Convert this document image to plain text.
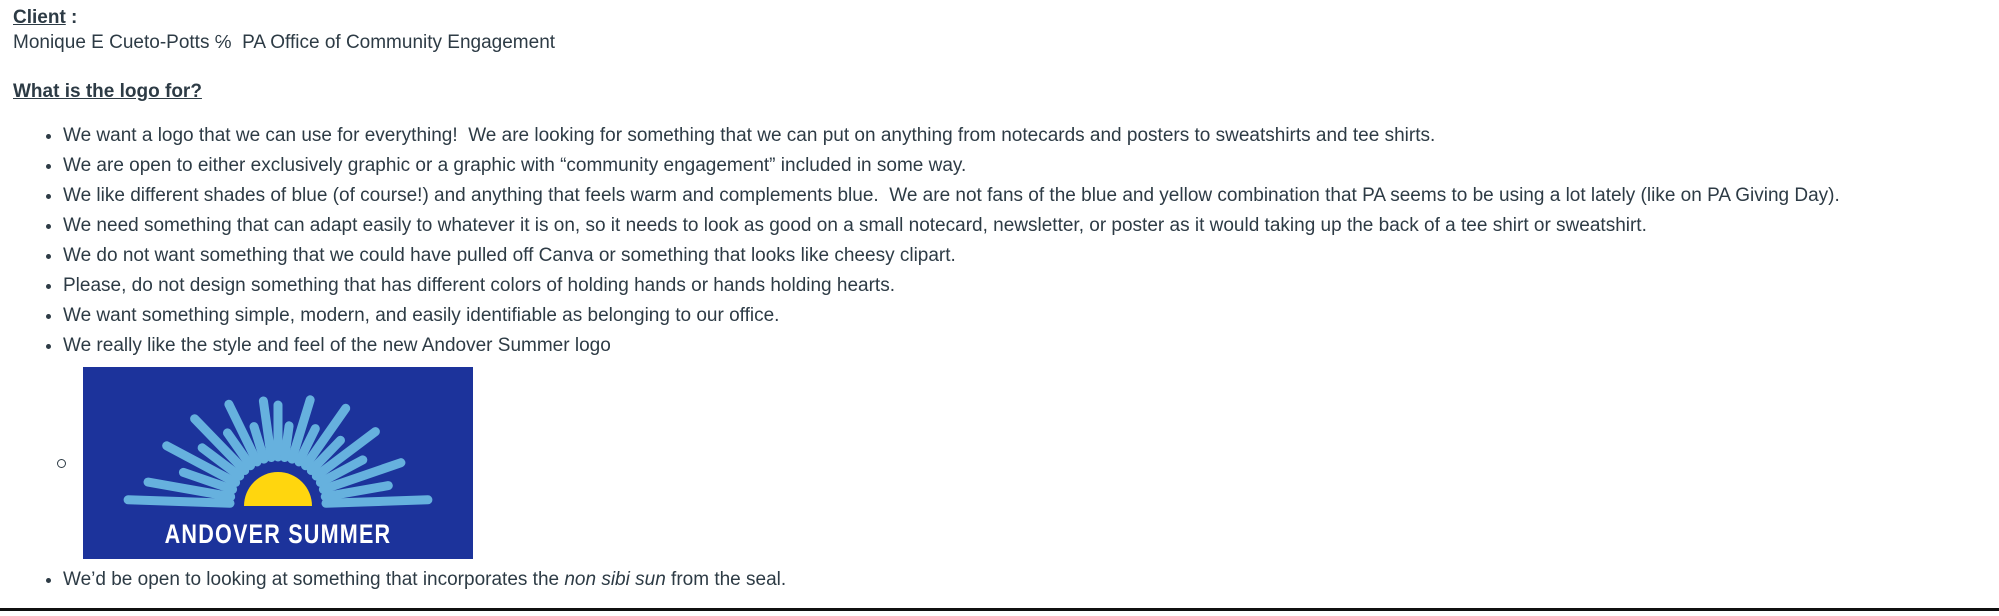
Client :

Monique E Cueto-Potts ℅  PA Office of Community Engagement

What is the logo for?

• We want a logo that we can use for everything!  We are looking for something that we can put on anything from notecards and posters to sweatshirts and tee shirts.
• We are open to either exclusively graphic or a graphic with “community engagement” included in some way.
• We like different shades of blue (of course!) and anything that feels warm and complements blue.  We are not fans of the blue and yellow combination that PA seems to be using a lot lately (like on PA Giving Day).
• We need something that can adapt easily to whatever it is on, so it needs to look as good on a small notecard, newsletter, or poster as it would taking up the back of a tee shirt or sweatshirt.
• We do not want something that we could have pulled off Canva or something that looks like cheesy clipart.
• Please, do not design something that has different colors of holding hands or hands holding hearts.
• We want something simple, modern, and easily identifiable as belonging to our office.
• We really like the style and feel of the new Andover Summer logo
ANDOVER SUMMER
• We’d be open to looking at something that incorporates the non sibi sun from the seal.
